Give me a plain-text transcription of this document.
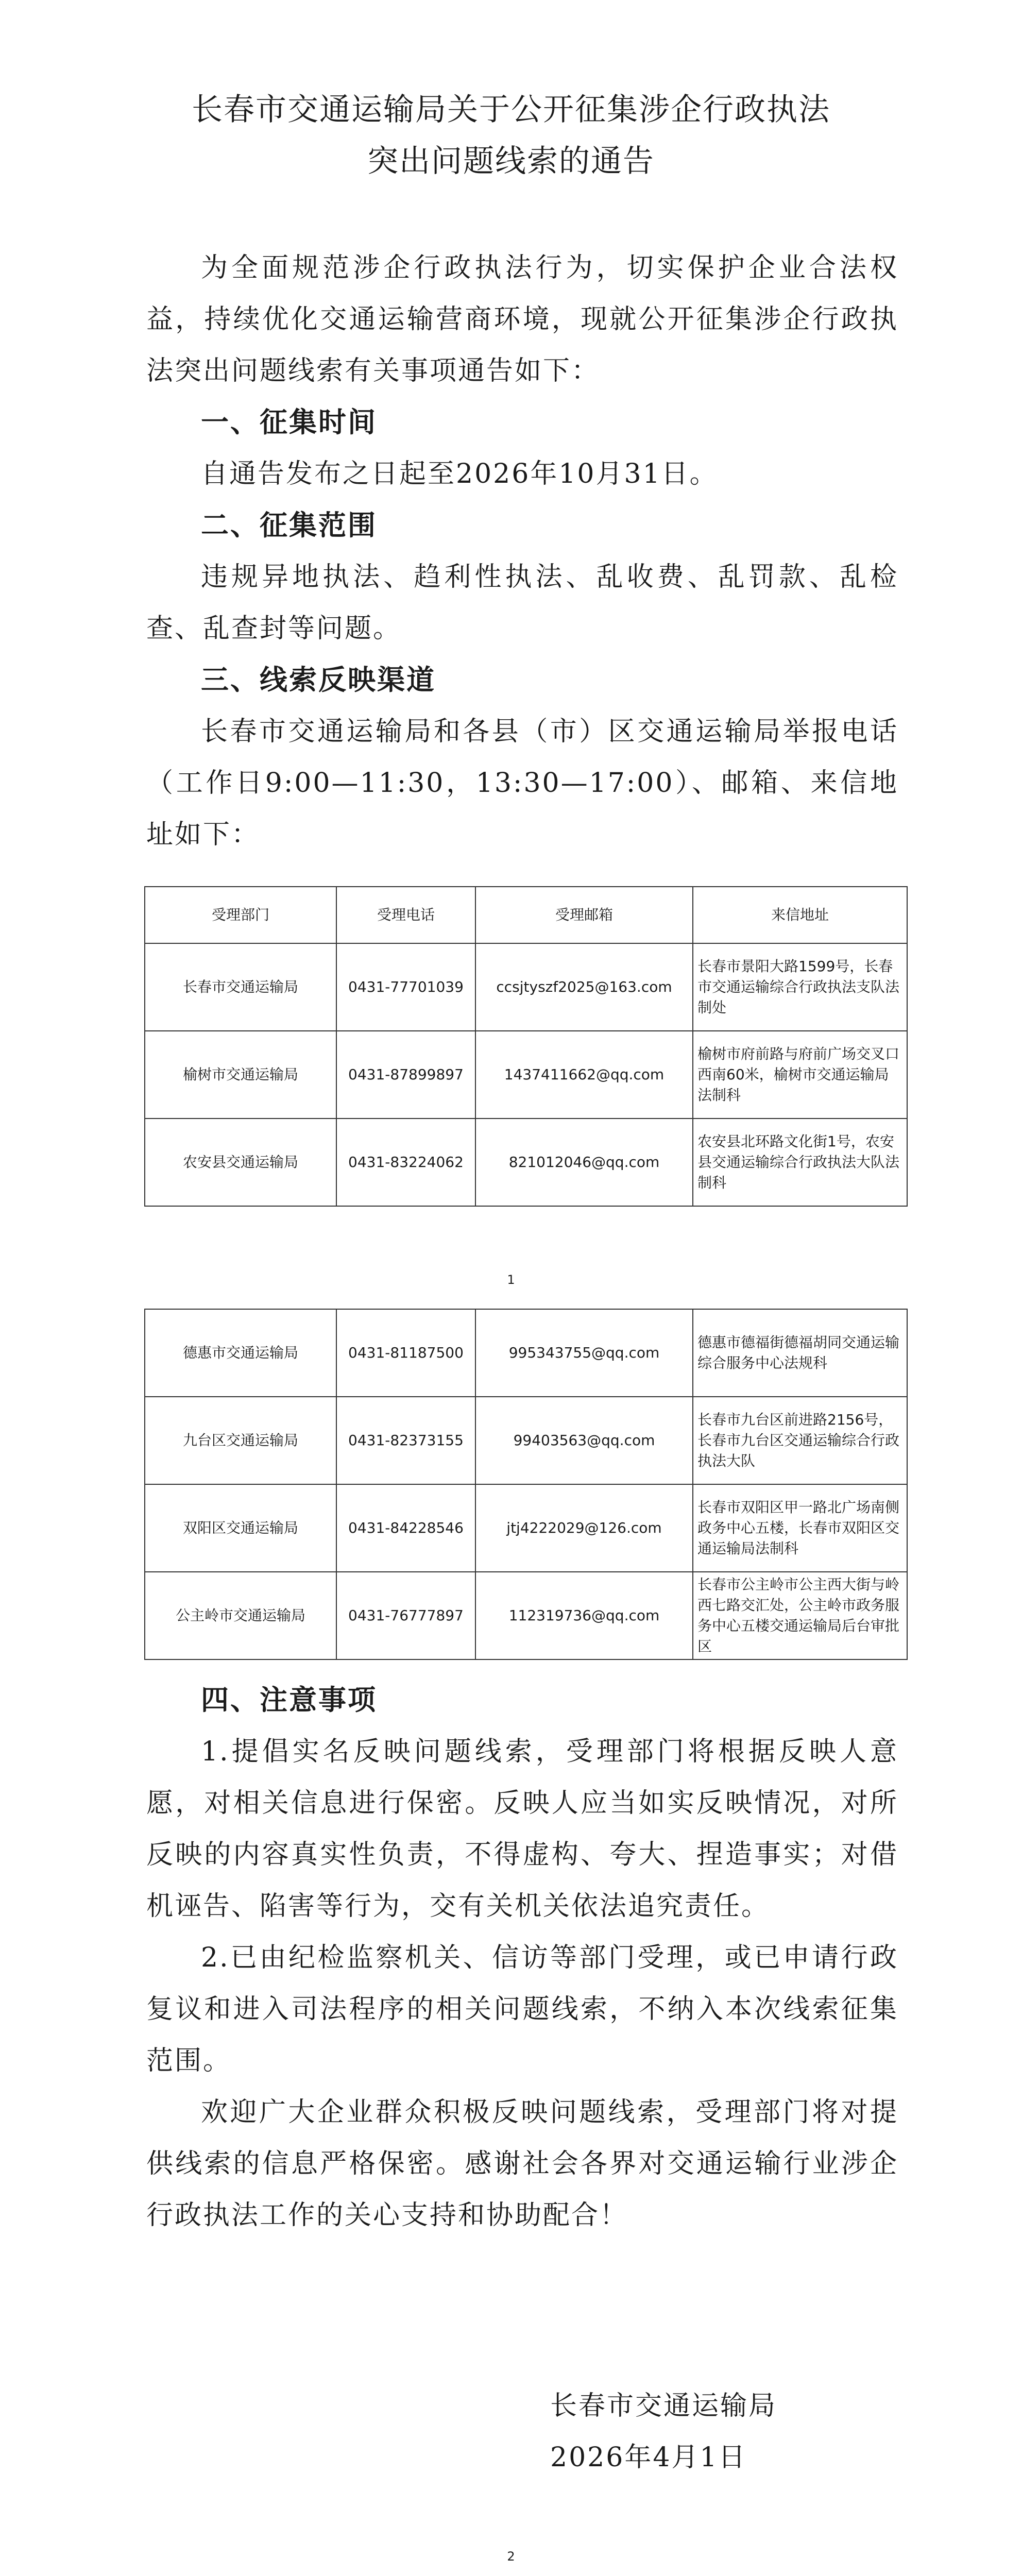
长春市交通运输局关于公开征集涉企行政执法
突出问题线索的通告
为全面规范涉企行政执法行为，切实保护企业合法权益，持续优化交通运输营商环境，现就公开征集涉企行政执法突出问题线索有关事项通告如下：
一、征集时间
自通告发布之日起至2026年10月31日。
二、征集范围
违规异地执法、趋利性执法、乱收费、乱罚款、乱检查、乱查封等问题。
三、线索反映渠道
长春市交通运输局和各县（市）区交通运输局举报电话（工作日9:00—11:30，13:30—17:00）、邮箱、来信地址如下：
受理部门	受理电话	受理邮箱	来信地址
长春市交通运输局	0431-77701039	ccsjtyszf2025@163.com	长春市景阳大路1599号，长春市交通运输综合行政执法支队法制处
榆树市交通运输局	0431-87899897	1437411662@qq.com	榆树市府前路与府前广场交叉口西南60米，榆树市交通运输局法制科
农安县交通运输局	0431-83224062	821012046@qq.com	农安县北环路文化街1号，农安县交通运输综合行政执法大队法制科
1
德惠市交通运输局	0431-81187500	995343755@qq.com	德惠市德福街德福胡同交通运输综合服务中心法规科
九台区交通运输局	0431-82373155	99403563@qq.com	长春市九台区前进路2156号，长春市九台区交通运输综合行政执法大队
双阳区交通运输局	0431-84228546	jtj4222029@126.com	长春市双阳区甲一路北广场南侧政务中心五楼，长春市双阳区交通运输局法制科
公主岭市交通运输局	0431-76777897	112319736@qq.com	长春市公主岭市公主西大街与岭西七路交汇处，公主岭市政务服务中心五楼交通运输局后台审批区
四、注意事项
1.提倡实名反映问题线索，受理部门将根据反映人意愿，对相关信息进行保密。反映人应当如实反映情况，对所反映的内容真实性负责，不得虚构、夸大、捏造事实；对借机诬告、陷害等行为，交有关机关依法追究责任。
2.已由纪检监察机关、信访等部门受理，或已申请行政复议和进入司法程序的相关问题线索，不纳入本次线索征集范围。
欢迎广大企业群众积极反映问题线索，受理部门将对提供线索的信息严格保密。感谢社会各界对交通运输行业涉企行政执法工作的关心支持和协助配合！
长春市交通运输局
2026年4月1日
2
